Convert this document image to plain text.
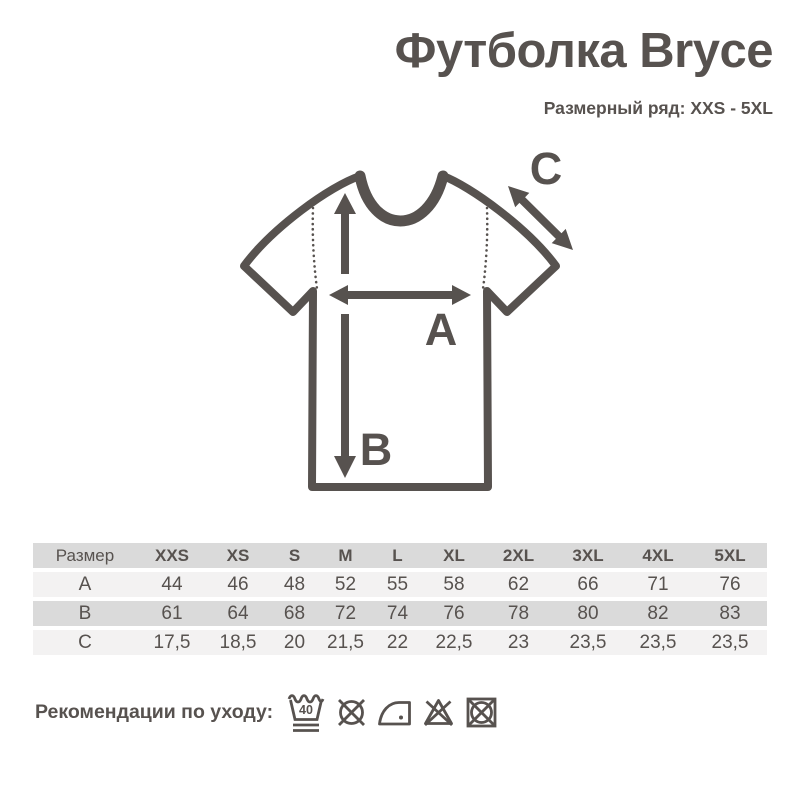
Футболка Bryce
Размерный ряд: XXS - 5XL
A
B
C
Размер	XXS	XS	S	M	L	XL	2XL	3XL	4XL	5XL
A	44	46	48	52	55	58	62	66	71	76
B	61	64	68	72	74	76	78	80	82	83
C	17,5	18,5	20	21,5	22	22,5	23	23,5	23,5	23,5
Рекомендации по уходу: 40
